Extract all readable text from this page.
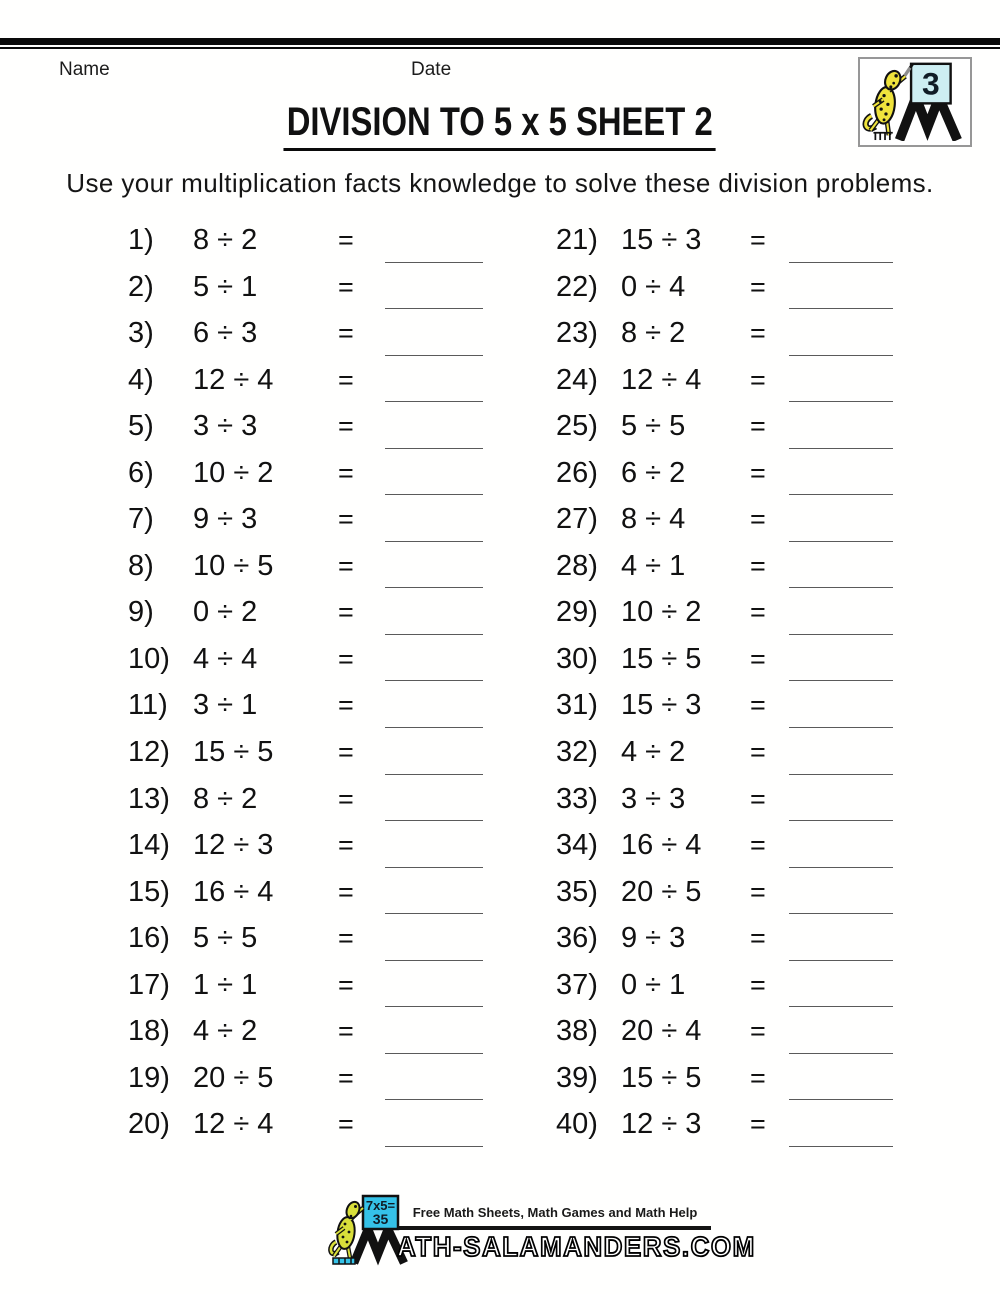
Name	Date	3
DIVISION TO 5 x 5 SHEET 2
Use your multiplication facts knowledge to solve these division problems.
1) 8 ÷ 2	=
2) 5 ÷ 1	=
3) 6 ÷ 3	=
4) 12 ÷ 4 =
5) 3 ÷ 3	=
6) 10 ÷ 2 =
7) 9 ÷ 3	=
8) 10 ÷ 5 =
9) 0 ÷ 2	=
10) 4 ÷ 4	=
11) 3 ÷ 1	=
12) 15 ÷ 5 =
13) 8 ÷ 2	=
14) 12 ÷ 3 =
15) 16 ÷ 4 =
16) 5 ÷ 5	=
17) 1 ÷ 1	=
18) 4 ÷ 2	=
19) 20 ÷ 5 =
20) 12 ÷ 4 =
21) 15 ÷ 3 =
22) 0 ÷ 4 =
23) 8 ÷ 2 =
24) 12 ÷ 4 =
25) 5 ÷ 5 =
26) 6 ÷ 2 =
27) 8 ÷ 4 =
28) 4 ÷ 1 =
29) 10 ÷ 2 =
30) 15 ÷ 5 =
31) 15 ÷ 3 =
32) 4 ÷ 2 =
33) 3 ÷ 3 =
34) 16 ÷ 4 =
35) 20 ÷ 5 =
36) 9 ÷ 3 =
37) 0 ÷ 1 =
38) 20 ÷ 4 =
39) 15 ÷ 5 =
40) 12 ÷ 3 =
7x5=
35	Free Math Sheets, Math Games and Math Help
ATH-SALAMANDERS.COM
